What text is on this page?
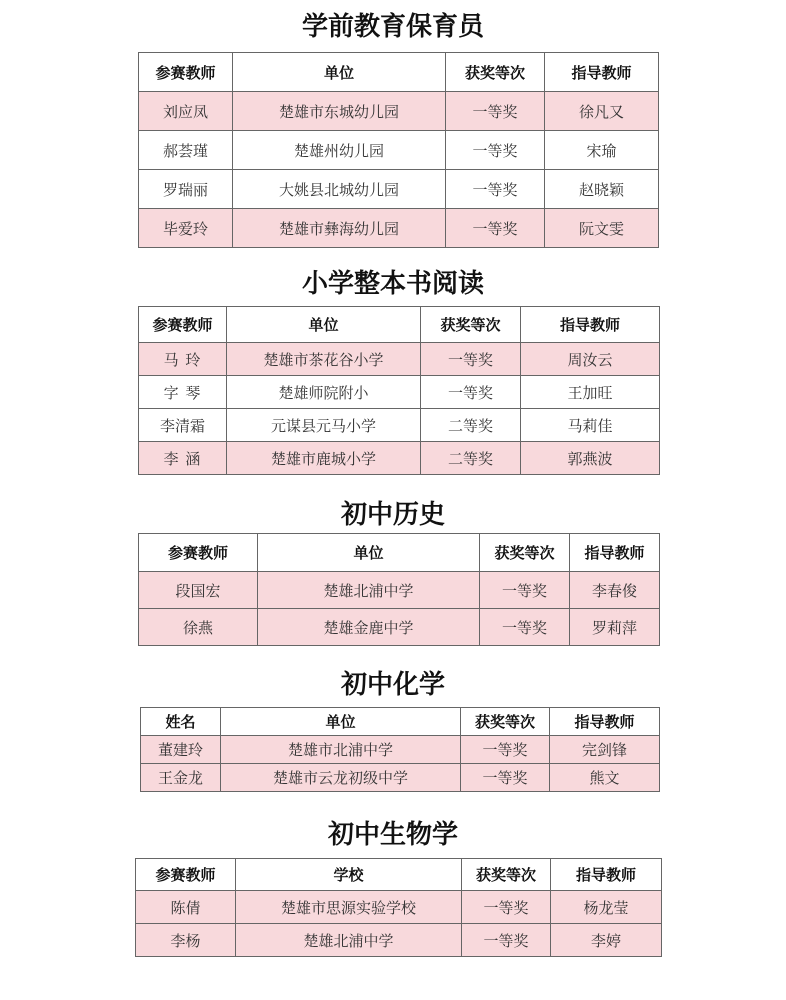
学前教育保育员
参赛教师	单位	获奖等次	指导教师
刘应凤	楚雄市东城幼儿园	一等奖	徐凡又
郝荟瑾	楚雄州幼儿园	一等奖	宋瑜
罗瑞丽	大姚县北城幼儿园	一等奖	赵晓颖
毕爱玲	楚雄市彝海幼儿园	一等奖	阮文雯
小学整本书阅读
参赛教师	单位	获奖等次	指导教师
马 玲	楚雄市茶花谷小学	一等奖	周汝云
字 琴	楚雄师院附小	一等奖	王加旺
李清霜	元谋县元马小学	二等奖	马莉佳
李 涵	楚雄市鹿城小学	二等奖	郭燕波
初中历史
参赛教师	单位	获奖等次	指导教师
段国宏	楚雄北浦中学	一等奖	李春俊
徐燕	楚雄金鹿中学	一等奖	罗莉萍
初中化学
姓名	单位	获奖等次	指导教师
董建玲	楚雄市北浦中学	一等奖	完剑锋
王金龙	楚雄市云龙初级中学	一等奖	熊文
初中生物学
参赛教师	学校	获奖等次	指导教师
陈倩	楚雄市思源实验学校	一等奖	杨龙莹
李杨	楚雄北浦中学	一等奖	李婷
